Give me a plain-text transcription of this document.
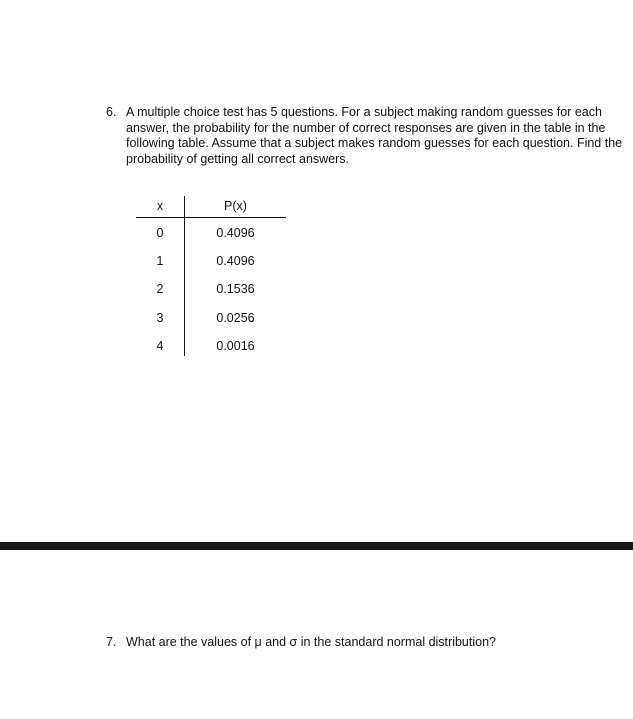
6. A multiple choice test has 5 questions. For a subject making random guesses for each answer, the probability for the number of correct responses are given in the table in the following table. Assume that a subject makes random guesses for each question. Find the probability of getting all correct answers.
x	P(x)
0	0.4096
1	0.4096
2	0.1536
3	0.0256
4	0.0016
7. What are the values of μ and σ in the standard normal distribution?
